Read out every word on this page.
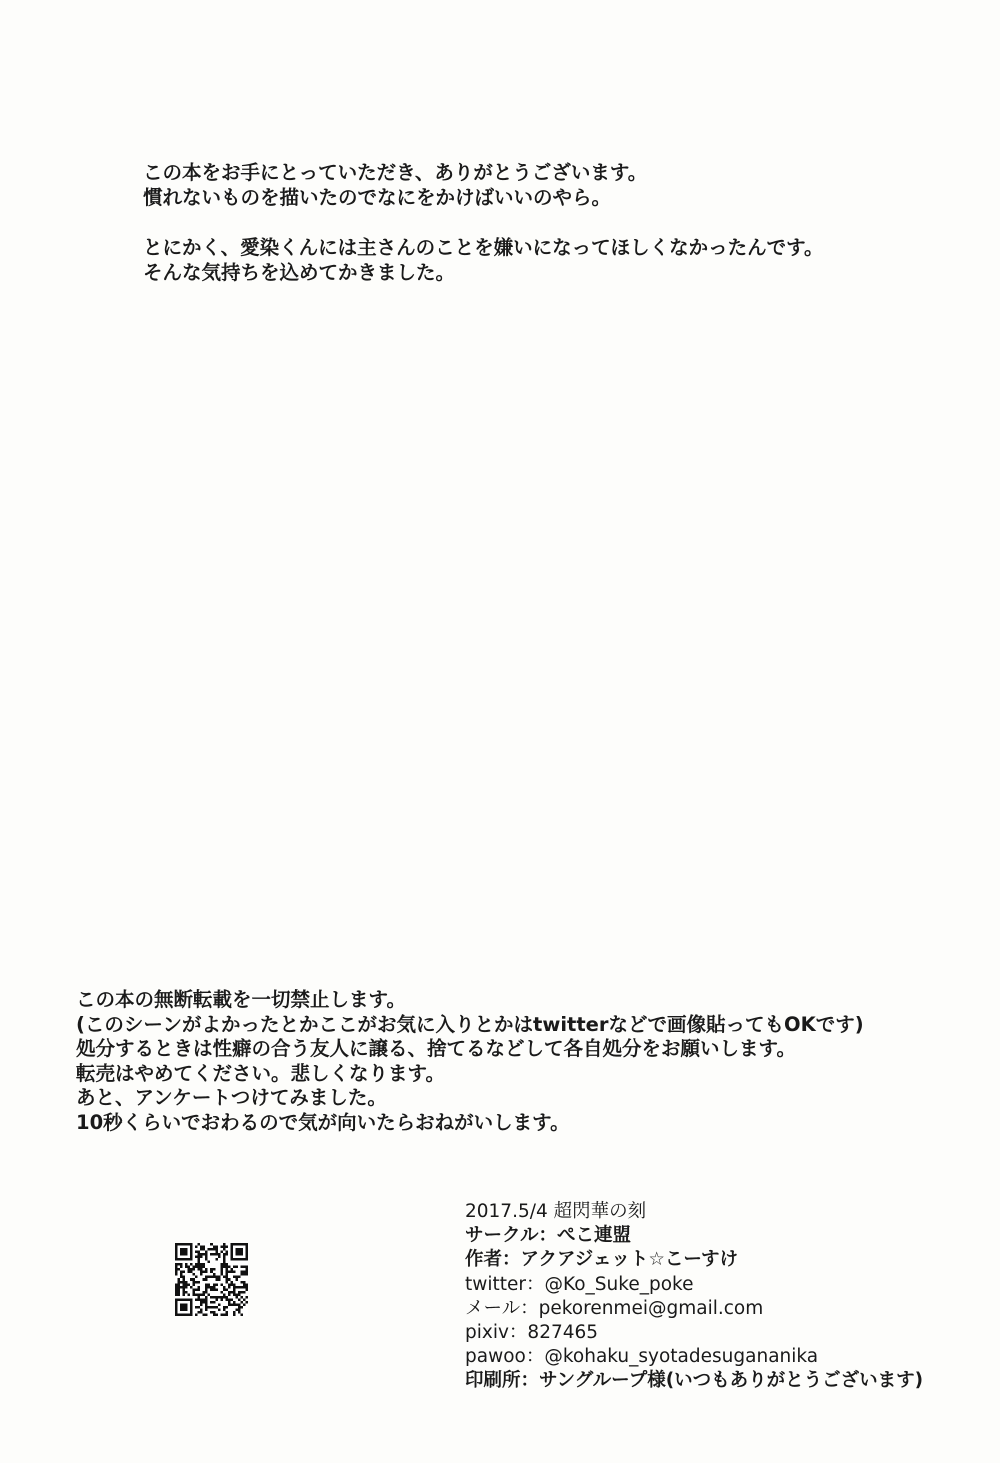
この本をお手にとっていただき、ありがとうございます。

慣れないものを描いたのでなにをかけばいいのやら。

とにかく、愛染くんには主さんのことを嫌いになってほしくなかったんです。

そんな気持ちを込めてかきました。

この本の無断転載を一切禁止します。

(このシーンがよかったとかここがお気に入りとかはtwitterなどで画像貼ってもOKです)

処分するときは性癖の合う友人に譲る、捨てるなどして各自処分をお願いします。

転売はやめてください。悲しくなります。

あと、アンケートつけてみました。

10秒くらいでおわるので気が向いたらおねがいします。

2017.5/4 超閃華の刻

サークル：ぺこ連盟

作者：アクアジェット☆こーすけ

twitter：@Ko_Suke_poke

メール：pekorenmei@gmail.com

pixiv：827465

pawoo：@kohaku_syotadesugananika

印刷所：サングループ様(いつもありがとうございます)
